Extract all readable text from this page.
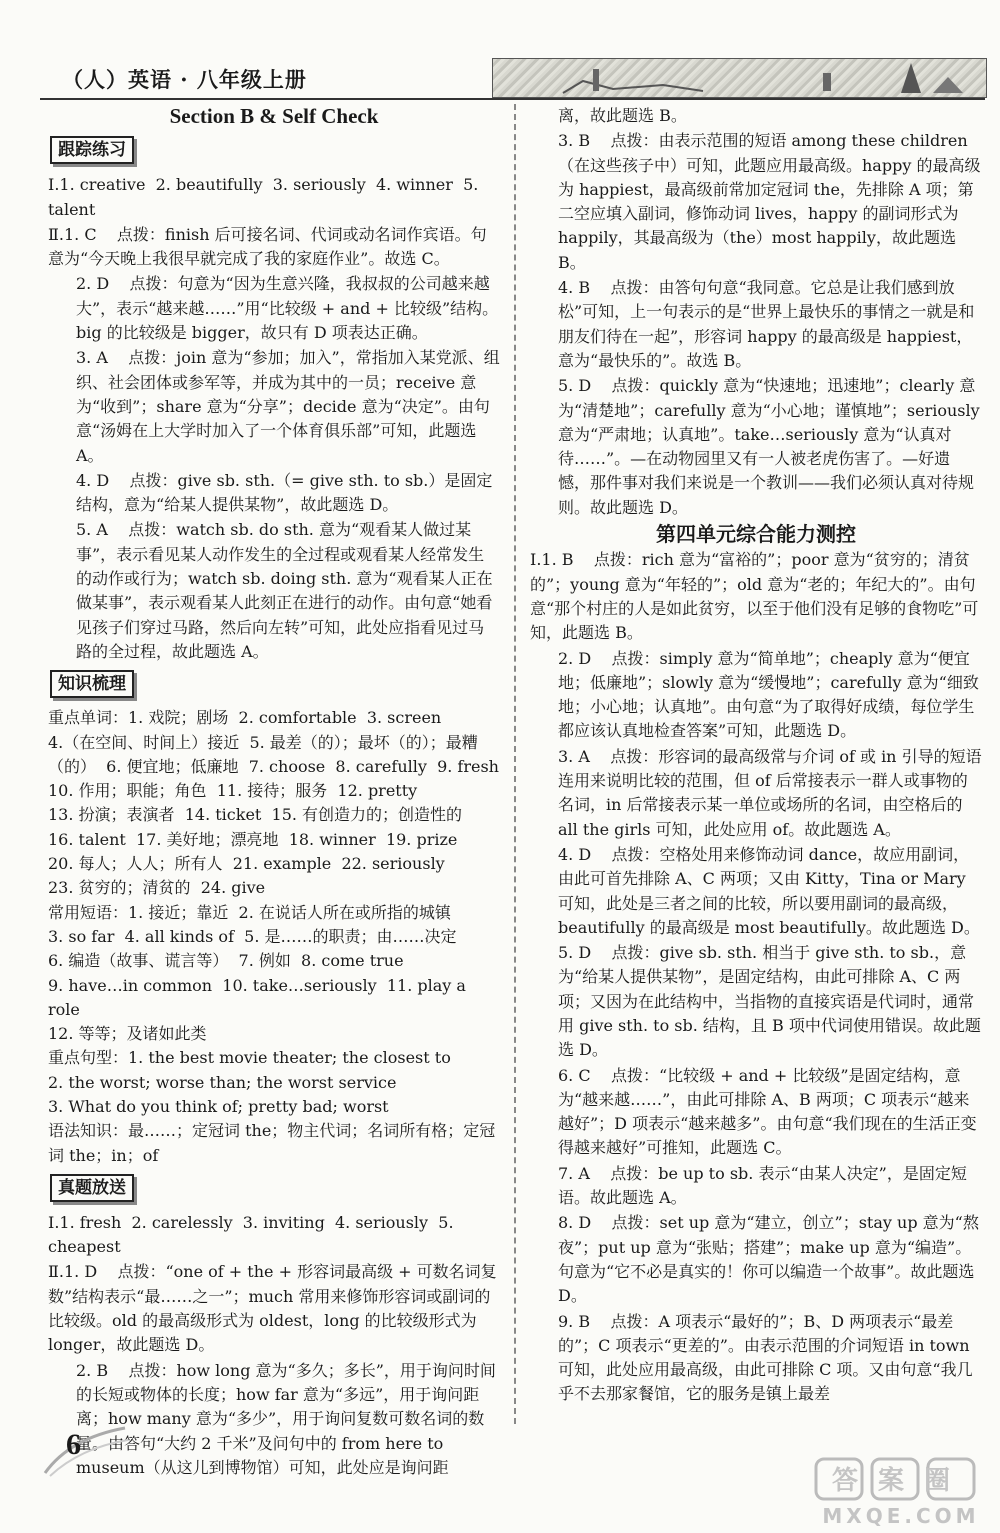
（人）英语 · 八年级上册
Section B & Self Check
跟踪练习
Ⅰ.1. creative  2. beautifully  3. seriously  4. winner  5. talent
Ⅱ.1. C    点拨：finish 后可接名词、代词或动名词作宾语。句意为“今天晚上我很早就完成了我的家庭作业”。故选 C。
2. D    点拨：句意为“因为生意兴隆，我叔叔的公司越来越大”，表示“越来越……”用“比较级 + and + 比较级”结构。big 的比较级是 bigger，故只有 D 项表达正确。
3. A    点拨：join 意为“参加；加入”，常指加入某党派、组织、社会团体或参军等，并成为其中的一员；receive 意为“收到”；share 意为“分享”；decide 意为“决定”。由句意“汤姆在上大学时加入了一个体育俱乐部”可知，此题选 A。
4. D    点拨：give sb. sth.（= give sth. to sb.）是固定结构，意为“给某人提供某物”，故此题选 D。
5. A    点拨：watch sb. do sth. 意为“观看某人做过某事”，表示看见某人动作发生的全过程或观看某人经常发生的动作或行为；watch sb. doing sth. 意为“观看某人正在做某事”，表示观看某人此刻正在进行的动作。由句意“她看见孩子们穿过马路，然后向左转”可知，此处应指看见过马路的全过程，故此题选 A。
知识梳理
重点单词：1. 戏院；剧场  2. comfortable  3. screen
4.（在空间、时间上）接近  5. 最差（的）；最坏（的）；最糟（的）  6. 便宜地；低廉地  7. choose  8. carefully  9. fresh
10. 作用；职能；角色  11. 接待；服务  12. pretty
13. 扮演；表演者  14. ticket  15. 有创造力的；创造性的
16. talent  17. 美好地；漂亮地  18. winner  19. prize
20. 每人；人人；所有人  21. example  22. seriously
23. 贫穷的；清贫的  24. give
常用短语：1. 接近；靠近  2. 在说话人所在或所指的城镇
3. so far  4. all kinds of  5. 是……的职责；由……决定
6. 编造（故事、谎言等）  7. 例如  8. come true
9. have…in common  10. take…seriously  11. play a role
12. 等等；及诸如此类
重点句型：1. the best movie theater; the closest to
2. the worst; worse than; the worst service
3. What do you think of; pretty bad; worst
语法知识：最……；定冠词 the；物主代词；名词所有格；定冠词 the；in；of
真题放送
Ⅰ.1. fresh  2. carelessly  3. inviting  4. seriously  5. cheapest
Ⅱ.1. D    点拨：“one of + the + 形容词最高级 + 可数名词复数”结构表示“最……之一”；much 常用来修饰形容词或副词的比较级。old 的最高级形式为 oldest，long 的比较级形式为 longer，故此题选 D。
2. B    点拨：how long 意为“多久；多长”，用于询问时间的长短或物体的长度；how far 意为“多远”，用于询问距离；how many 意为“多少”，用于询问复数可数名词的数量。由答句“大约 2 千米”及问句中的 from here to museum（从这儿到博物馆）可知，此处应是询问距
离，故此题选 B。
3. B    点拨：由表示范围的短语 among these children（在这些孩子中）可知，此题应用最高级。happy 的最高级为 happiest，最高级前常加定冠词 the，先排除 A 项；第二空应填入副词，修饰动词 lives，happy 的副词形式为 happily，其最高级为（the）most happily，故此题选 B。
4. B    点拨：由答句句意“我同意。它总是让我们感到放松”可知，上一句表示的是“世界上最快乐的事情之一就是和朋友们待在一起”，形容词 happy 的最高级是 happiest，意为“最快乐的”。故选 B。
5. D    点拨：quickly 意为“快速地；迅速地”；clearly 意为“清楚地”；carefully 意为“小心地；谨慎地”；seriously 意为“严肃地；认真地”。take…seriously 意为“认真对待……”。—在动物园里又有一人被老虎伤害了。—好遗憾，那件事对我们来说是一个教训——我们必须认真对待规则。故此题选 D。
第四单元综合能力测控
Ⅰ.1. B    点拨：rich 意为“富裕的”；poor 意为“贫穷的；清贫的”；young 意为“年轻的”；old 意为“老的；年纪大的”。由句意“那个村庄的人是如此贫穷，以至于他们没有足够的食物吃”可知，此题选 B。
2. D    点拨：simply 意为“简单地”；cheaply 意为“便宜地；低廉地”；slowly 意为“缓慢地”；carefully 意为“细致地；小心地；认真地”。由句意“为了取得好成绩，每位学生都应该认真地检查答案”可知，此题选 D。
3. A    点拨：形容词的最高级常与介词 of 或 in 引导的短语连用来说明比较的范围，但 of 后常接表示一群人或事物的名词，in 后常接表示某一单位或场所的名词，由空格后的 all the girls 可知，此处应用 of。故此题选 A。
4. D    点拨：空格处用来修饰动词 dance，故应用副词，由此可首先排除 A、C 两项；又由 Kitty，Tina or Mary 可知，此处是三者之间的比较，所以要用副词的最高级，beautifully 的最高级是 most beautifully。故此题选 D。
5. D    点拨：give sb. sth. 相当于 give sth. to sb.，意为“给某人提供某物”，是固定结构，由此可排除 A、C 两项；又因为在此结构中，当指物的直接宾语是代词时，通常用 give sth. to sb. 结构，且 B 项中代词使用错误。故此题选 D。
6. C    点拨：“比较级 + and + 比较级”是固定结构，意为“越来越……”，由此可排除 A、B 两项；C 项表示“越来越好”；D 项表示“越来越多”。由句意“我们现在的生活正变得越来越好”可推知，此题选 C。
7. A    点拨：be up to sb. 表示“由某人决定”，是固定短语。故此题选 A。
8. D    点拨：set up 意为“建立，创立”；stay up 意为“熬夜”；put up 意为“张贴；搭建”；make up 意为“编造”。句意为“它不必是真实的！你可以编造一个故事”。故此题选 D。
9. B    点拨：A 项表示“最好的”；B、D 两项表示“最差的”；C 项表示“更差的”。由表示范围的介词短语 in town 可知，此处应用最高级，由此可排除 C 项。又由句意“我几乎不去那家餐馆，它的服务是镇上最差
6
答案圈
MXQE.COM
